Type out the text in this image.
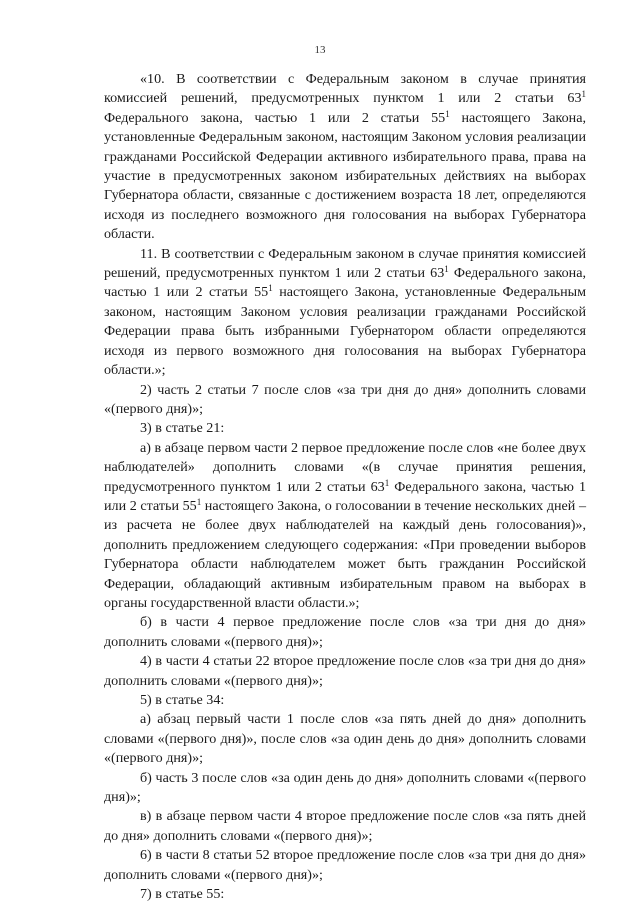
13

«10. В соответствии с Федеральным законом в случае принятия комиссией решений, предусмотренных пунктом 1 или 2 статьи $63^1$ Федерального закона, частью 1 или 2 статьи $55^1$ настоящего Закона, установленные Федеральным законом, настоящим Законом условия реализации гражданами Российской Федерации активного избирательного права, права на участие в предусмотренных законом избирательных действиях на выборах Губернатора области, связанные с достижением возраста 18 лет, определяются исходя из последнего возможного дня голосования на выборах Губернатора области.

11. В соответствии с Федеральным законом в случае принятия комиссией решений, предусмотренных пунктом 1 или 2 статьи $63^1$ Федерального закона, частью 1 или 2 статьи $55^1$ настоящего Закона, установленные Федеральным законом, настоящим Законом условия реализации гражданами Российской Федерации права быть избранными Губернатором области определяются исходя из первого возможного дня голосования на выборах Губернатора области.»;

2) часть 2 статьи 7 после слов «за три дня до дня» дополнить словами «(первого дня)»;

3) в статье 21:

а) в абзаце первом части 2 первое предложение после слов «не более двух наблюдателей» дополнить словами «(в случае принятия решения, предусмотренного пунктом 1 или 2 статьи $63^1$ Федерального закона, частью 1 или 2 статьи $55^1$ настоящего Закона, о голосовании в течение нескольких дней – из расчета не более двух наблюдателей на каждый день голосования)», дополнить предложением следующего содержания: «При проведении выборов Губернатора области наблюдателем может быть гражданин Российской Федерации, обладающий активным избирательным правом на выборах в органы государственной власти области.»;

б) в части 4 первое предложение после слов «за три дня до дня» дополнить словами «(первого дня)»;

4) в части 4 статьи 22 второе предложение после слов «за три дня до дня» дополнить словами «(первого дня)»;

5) в статье 34:

а) абзац первый части 1 после слов «за пять дней до дня» дополнить словами «(первого дня)», после слов «за один день до дня» дополнить словами «(первого дня)»;

б) часть 3 после слов «за один день до дня» дополнить словами «(первого дня)»;

в) в абзаце первом части 4 второе предложение после слов «за пять дней до дня» дополнить словами «(первого дня)»;

6) в части 8 статьи 52 второе предложение после слов «за три дня до дня» дополнить словами «(первого дня)»;

7) в статье 55:
